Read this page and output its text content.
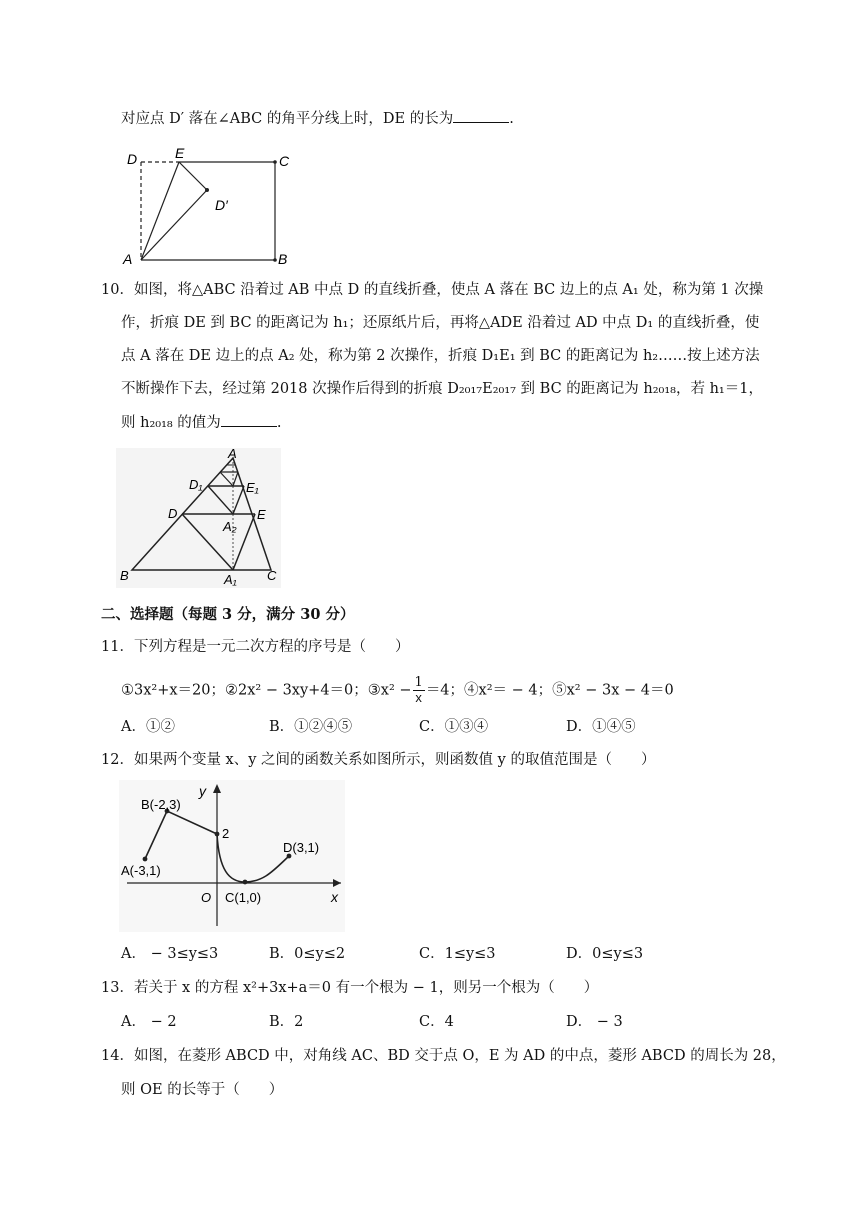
对应点 D′ 落在∠ABC 的角平分线上时，DE 的长为	.
D	E	C
D′
A	B
10．如图，将△ABC 沿着过 AB 中点 D 的直线折叠，使点 A 落在 BC 边上的点 A₁ 处，称为第 1 次操
作，折痕 DE 到 BC 的距离记为 h₁；还原纸片后，再将△ADE 沿着过 AD 中点 D₁ 的直线折叠，使
点 A 落在 DE 边上的点 A₂ 处，称为第 2 次操作，折痕 D₁E₁ 到 BC 的距离记为 h₂……按上述方法
不断操作下去，经过第 2018 次操作后得到的折痕 D₂₀₁₇E₂₀₁₇ 到 BC 的距离记为 h₂₀₁₈，若 h₁＝1，
则 h₂₀₁₈ 的值为	.
A
D₁	E₁
D	E
A₂
B	A₁ C
二、选择题（每题 3 分，满分 30 分）
11．下列方程是一元二次方程的序号是（　　）
①3x²+x＝20；②2x² − 3xy+4＝0；③x² − $\frac{1}{x} =4$；④x²＝ − 4；⑤x² − 3x − 4＝0
A．①②	B．①②④⑤	C．①③④	D．①④⑤
12．如果两个变量 x、y 之间的函数关系如图所示，则函数值 y 的取值范围是（　　）
y
B(-2,3)
2
D(3,1)
A(-3,1)
O C(1,0)	x
A． − 3≤y≤3	B．0≤y≤2	C．1≤y≤3	D．0≤y≤3
13．若关于 x 的方程 x²+3x+a＝0 有一个根为 − 1，则另一个根为（　　）
A． − 2	B．2	C．4	D． − 3
14．如图，在菱形 ABCD 中，对角线 AC、BD 交于点 O，E 为 AD 的中点，菱形 ABCD 的周长为 28，
则 OE 的长等于（　　）
